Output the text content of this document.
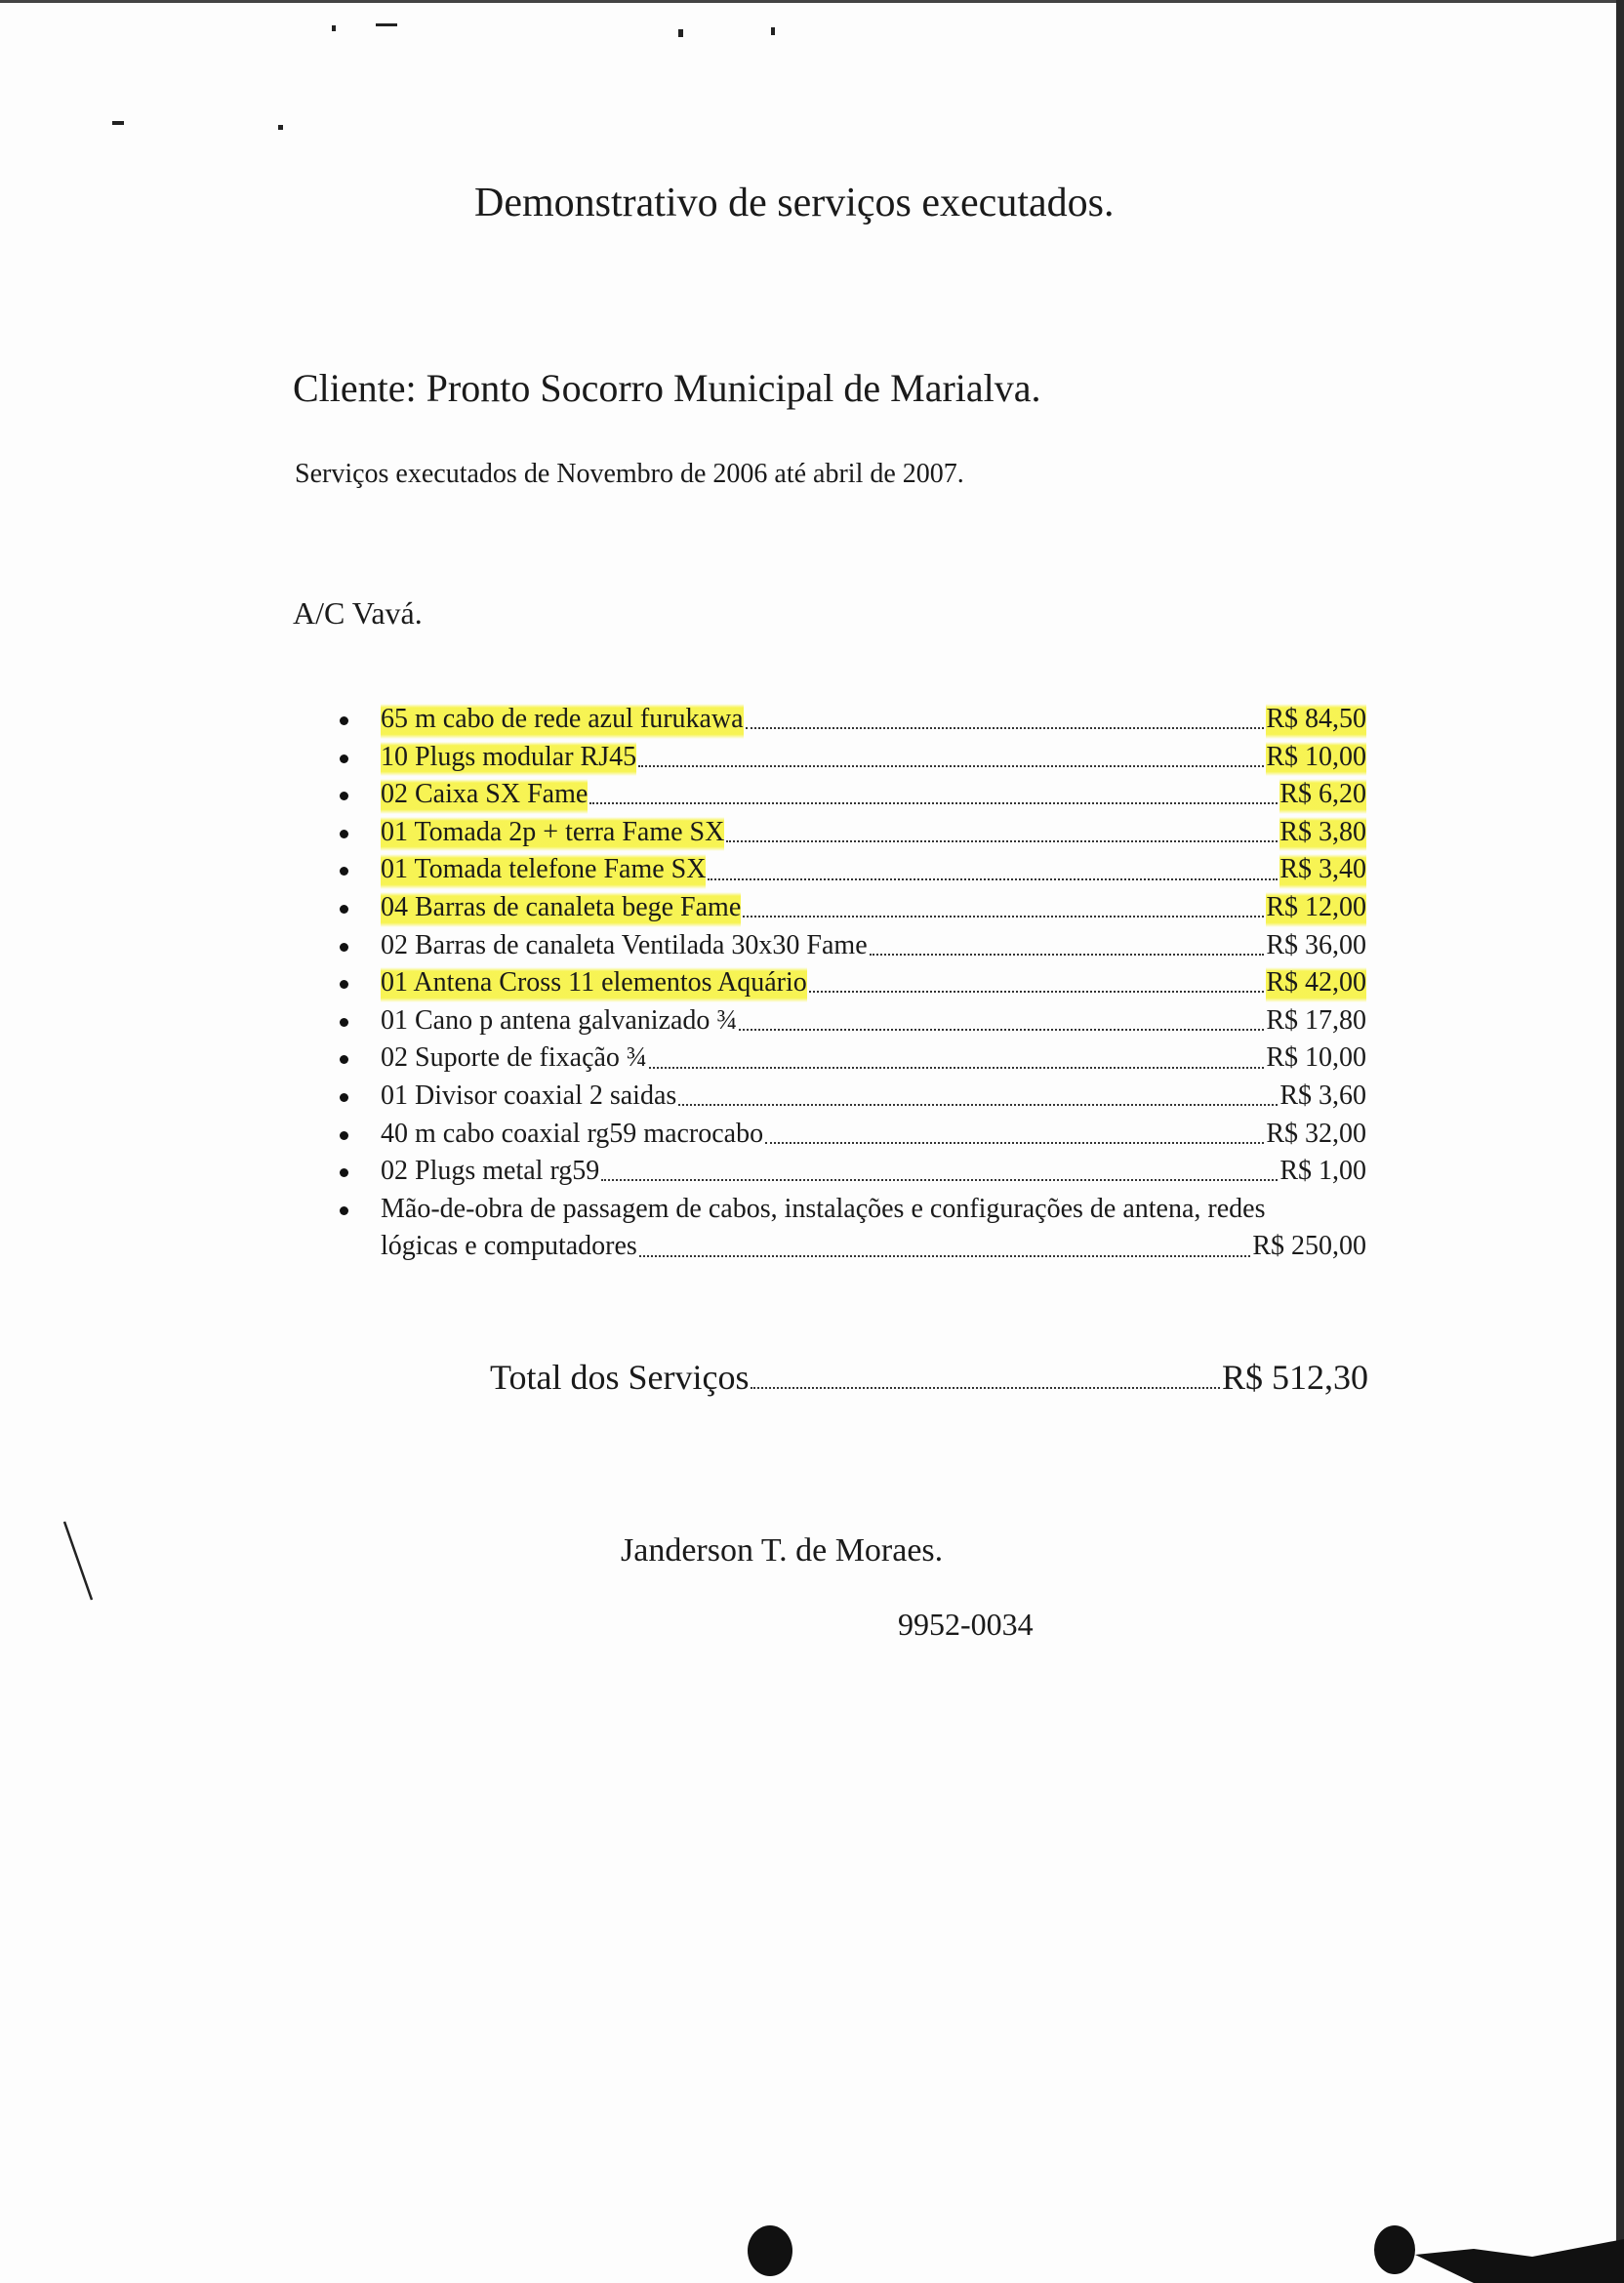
Demonstrativo de serviços executados.
Cliente: Pronto Socorro Municipal de Marialva.
Serviços executados de Novembro de 2006 até abril de 2007.
A/C Vavá.
65 m cabo de rede azul furukawa	R$ 84,50
10 Plugs modular RJ45	R$ 10,00
02 Caixa SX Fame	R$ 6,20
01 Tomada 2p + terra Fame SX	R$ 3,80
01 Tomada telefone Fame SX	R$ 3,40
04 Barras de canaleta bege Fame	R$ 12,00
02 Barras de canaleta Ventilada 30x30 Fame	R$ 36,00
01 Antena Cross 11 elementos Aquário	R$ 42,00
01 Cano p antena galvanizado ¾	R$ 17,80
02 Suporte de fixação ¾	R$ 10,00
01 Divisor coaxial 2 saidas	R$ 3,60
40 m cabo coaxial rg59 macrocabo	R$ 32,00
02 Plugs metal rg59	R$ 1,00
Mão-de-obra de passagem de cabos, instalações e configurações de antena, redes
lógicas e computadores	R$ 250,00
Total dos Serviços	R$ 512,30
Janderson T. de Moraes.
9952-0034
